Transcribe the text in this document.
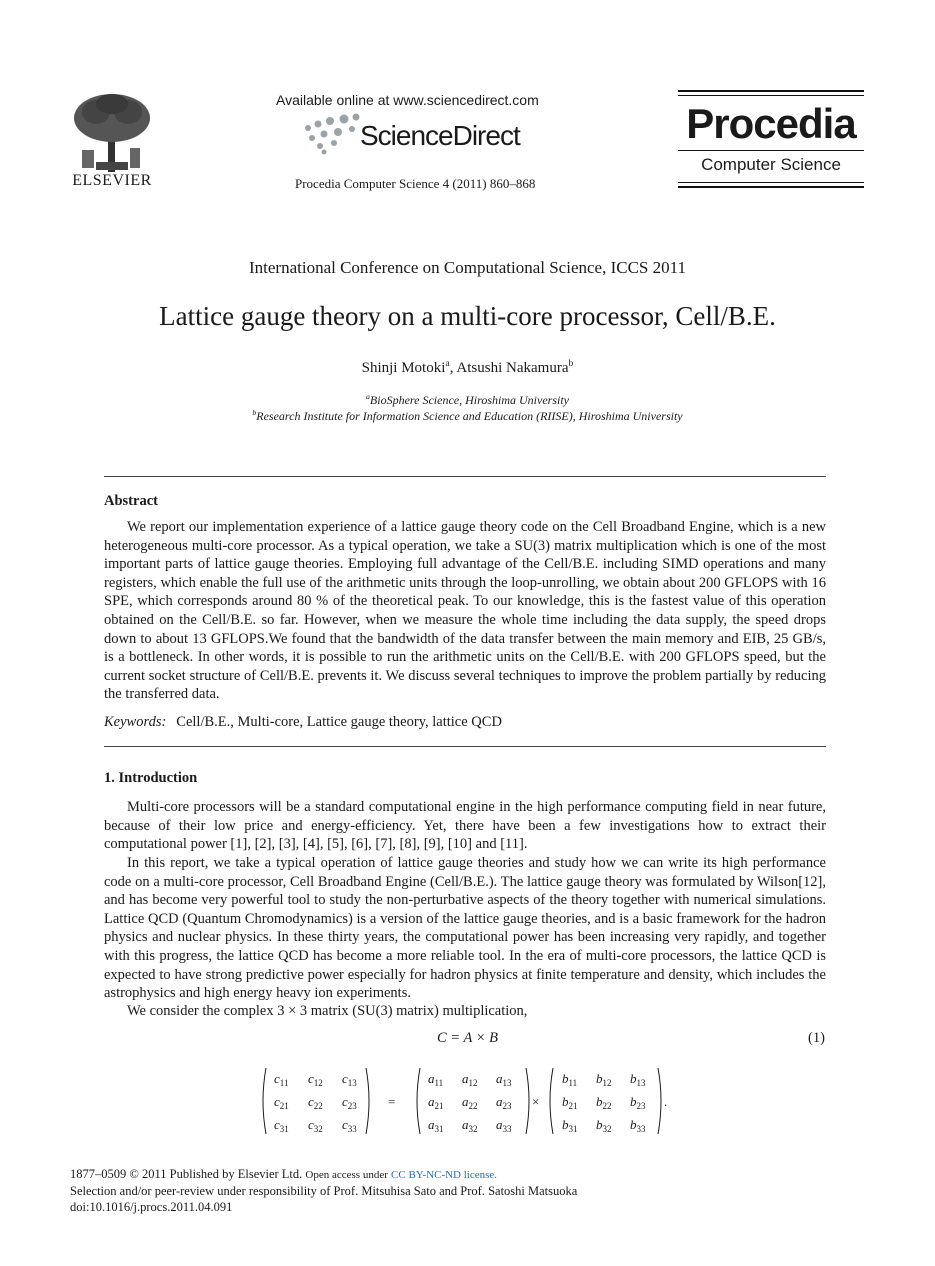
ELSEVIER
Available online at www.sciencedirect.com
ScienceDirect
Procedia Computer Science 4 (2011) 860–868
Procedia
Computer Science
International Conference on Computational Science, ICCS 2011
Lattice gauge theory on a multi-core processor, Cell/B.E.
Shinji Motoki$^a$, Atsushi Nakamura$^b$
$^a$BioSphere Science, Hiroshima University
$^b$Research Institute for Information Science and Education (RIISE), Hiroshima University
Abstract
We report our implementation experience of a lattice gauge theory code on the Cell Broadband Engine, which is a new heterogeneous multi-core processor. As a typical operation, we take a SU(3) matrix multiplication which is one of the most important parts of lattice gauge theories. Employing full advantage of the Cell/B.E. including SIMD operations and many registers, which enable the full use of the arithmetic units through the loop-unrolling, we obtain about 200 GFLOPS with 16 SPE, which corresponds around 80 % of the theoretical peak. To our knowledge, this is the fastest value of this operation obtained on the Cell/B.E. so far. However, when we measure the whole time including the data supply, the speed drops down to about 13 GFLOPS.We found that the bandwidth of the data transfer between the main memory and EIB, 25 GB/s, is a bottleneck. In other words, it is possible to run the arithmetic units on the Cell/B.E. with 200 GFLOPS speed, but the current socket structure of Cell/B.E. prevents it. We discuss several techniques to improve the problem partially by reducing the transferred data.
Keywords: Cell/B.E., Multi-core, Lattice gauge theory, lattice QCD
1. Introduction
Multi-core processors will be a standard computational engine in the high performance computing field in near future, because of their low price and energy-efficiency. Yet, there have been a few investigations how to extract their computational power [1], [2], [3], [4], [5], [6], [7], [8], [9], [10] and [11].
In this report, we take a typical operation of lattice gauge theories and study how we can write its high performance code on a multi-core processor, Cell Broadband Engine (Cell/B.E.). The lattice gauge theory was formulated by Wilson[12], and has become very powerful tool to study the non-perturbative aspects of the theory together with numerical simulations. Lattice QCD (Quantum Chromodynamics) is a version of the lattice gauge theories, and is a basic framework for the hadron physics and nuclear physics. In these thirty years, the computational power has been increasing very rapidly, and together with this progress, the lattice QCD has become a more reliable tool. In the era of multi-core processors, the lattice QCD is expected to have strong predictive power especially for hadron physics at finite temperature and density, which includes the astrophysics and high energy heavy ion experiments.
We consider the complex 3 × 3 matrix (SU(3) matrix) multiplication,
C = A × B	(1)
$c_{11}$ $c_{12}$ $c_{13}$
$c_{21}$ $c_{22}$ $c_{23}$
$c_{31}$ $c_{32}$ $c_{33}$
$a_{11}$ $a_{12}$ $a_{13}$
$a_{21}$ $a_{22}$ $a_{23}$
$a_{31}$ $a_{32}$ $a_{33}$
$b_{11}$ $b_{12}$ $b_{13}$
$b_{21}$ $b_{22}$ $b_{23}$
$b_{31}$ $b_{32}$ $b_{33}$
=	×	.
1877–0509 © 2011 Published by Elsevier Ltd. Open access under CC BY-NC-ND license.
Selection and/or peer-review under responsibility of Prof. Mitsuhisa Sato and Prof. Satoshi Matsuoka
doi:10.1016/j.procs.2011.04.091
